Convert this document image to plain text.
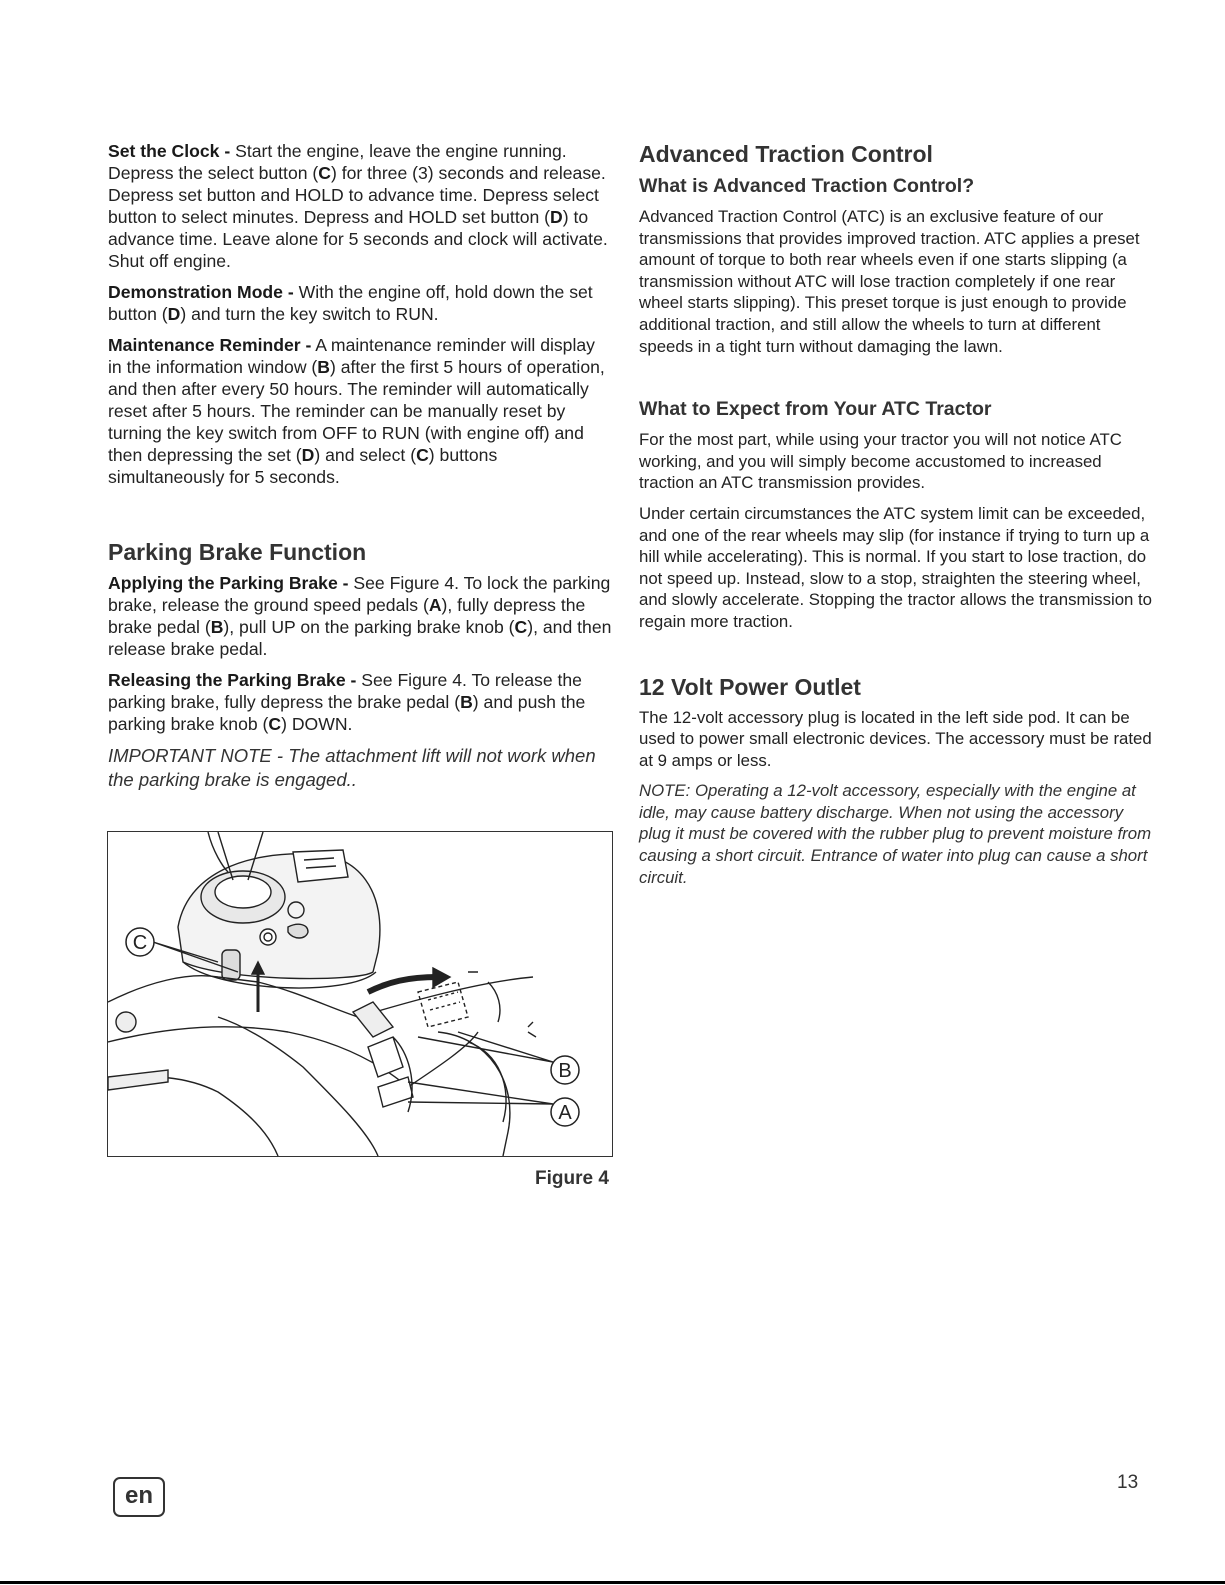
Set the Clock - Start the engine, leave the engine running. Depress the select button (C) for three (3) seconds and release. Depress set button and HOLD to advance time. Depress select button to select minutes. Depress and HOLD set button (D) to advance time. Leave alone for 5 seconds and clock will activate. Shut off engine.

Demonstration Mode - With the engine off, hold down the set button (D) and turn the key switch to RUN.

Maintenance Reminder - A maintenance reminder will display in the information window (B) after the first 5 hours of operation, and then after every 50 hours. The reminder will automatically reset after 5 hours. The reminder can be manually reset by turning the key switch from OFF to RUN (with engine off) and then depressing the set (D) and select (C) buttons simultaneously for 5 seconds.

Parking Brake Function

Applying the Parking Brake - See Figure 4. To lock the parking brake, release the ground speed pedals (A), fully depress the brake pedal (B), pull UP on the parking brake knob (C), and then release brake pedal.

Releasing the Parking Brake - See Figure 4. To release the parking brake, fully depress the brake pedal (B) and push the parking brake knob (C) DOWN.

IMPORTANT NOTE - The attachment lift will not work when the parking brake is engaged..

C
B
A
Figure 4
Advanced Traction Control
What is Advanced Traction Control?

Advanced Traction Control (ATC) is an exclusive feature of our transmissions that provides improved traction. ATC applies a preset amount of torque to both rear wheels even if one starts slipping (a transmission without ATC will lose traction completely if one rear wheel starts slipping). This preset torque is just enough to provide additional traction, and still allow the wheels to turn at different speeds in a tight turn without damaging the lawn.

What to Expect from Your ATC Tractor

For the most part, while using your tractor you will not notice ATC working, and you will simply become accustomed to increased traction an ATC transmission provides.

Under certain circumstances the ATC system limit can be exceeded, and one of the rear wheels may slip (for instance if trying to turn up a hill while accelerating). This is normal. If you start to lose traction, do not speed up. Instead, slow to a stop, straighten the steering wheel, and slowly accelerate. Stopping the tractor allows the transmission to regain more traction.

12 Volt Power Outlet

The 12-volt accessory plug is located in the left side pod. It can be used to power small electronic devices. The accessory must be rated at 9 amps or less.

NOTE: Operating a 12-volt accessory, especially with the engine at idle, may cause battery discharge. When not using the accessory plug it must be covered with the rubber plug to prevent moisture from causing a short circuit. Entrance of water into plug can cause a short circuit.

en	13
